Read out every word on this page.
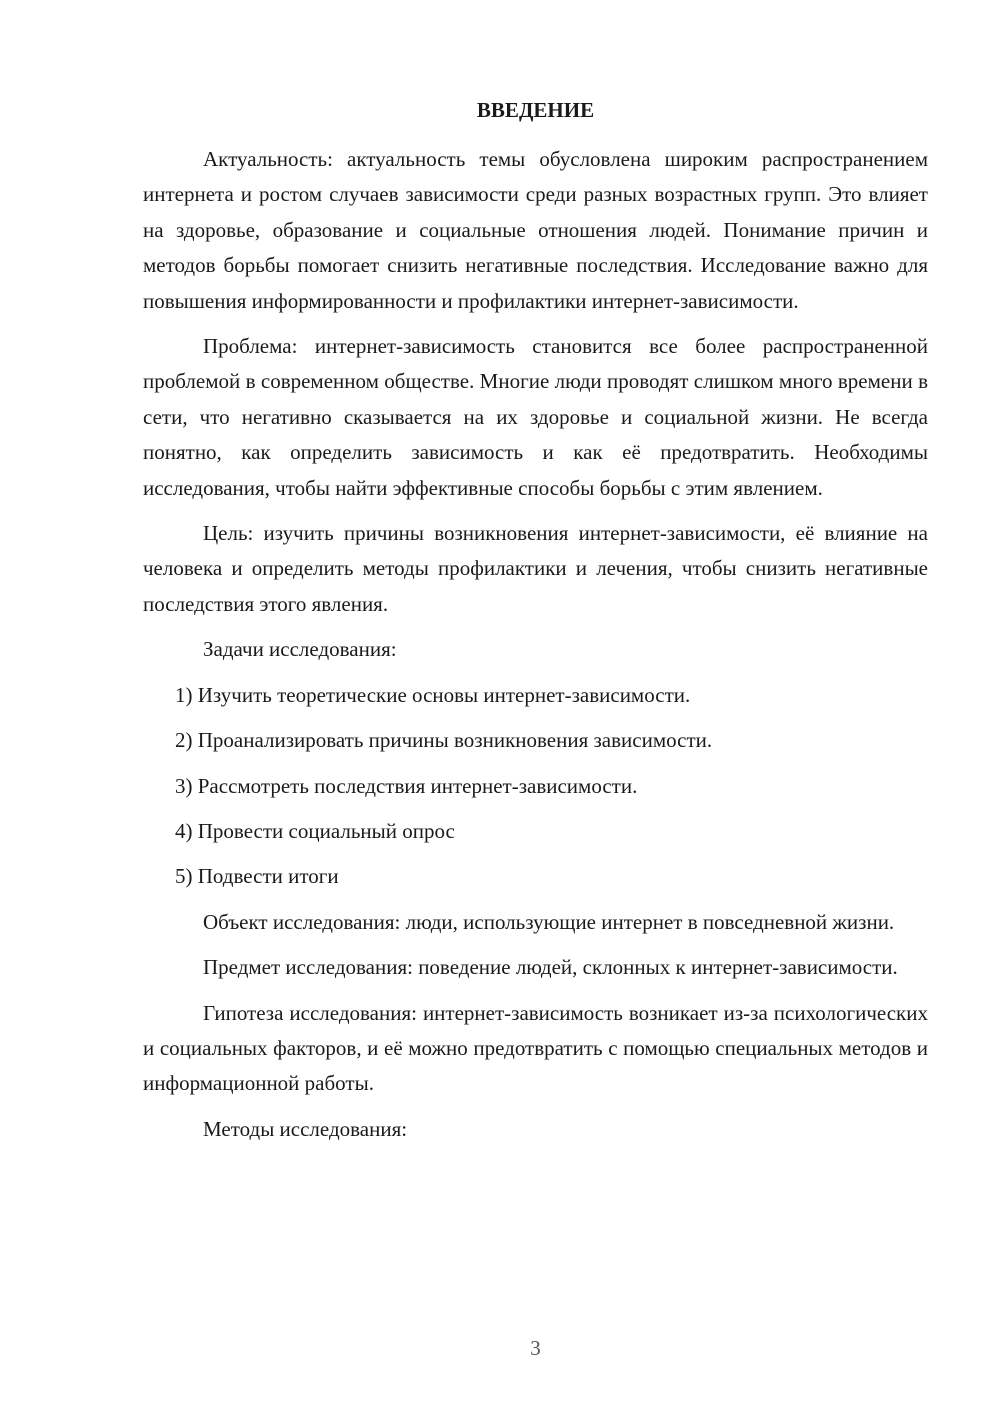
ВВЕДЕНИЕ

Актуальность: актуальность темы обусловлена широким распространением интернета и ростом случаев зависимости среди разных возрастных групп. Это влияет на здоровье, образование и социальные отношения людей. Понимание причин и методов борьбы помогает снизить негативные последствия. Исследование важно для повышения информированности и профилактики интернет-зависимости.

Проблема: интернет-зависимость становится все более распространенной проблемой в современном обществе. Многие люди проводят слишком много времени в сети, что негативно сказывается на их здоровье и социальной жизни. Не всегда понятно, как определить зависимость и как её предотвратить. Необходимы исследования, чтобы найти эффективные способы борьбы с этим явлением.

Цель: изучить причины возникновения интернет-зависимости, её влияние на человека и определить методы профилактики и лечения, чтобы снизить негативные последствия этого явления.

Задачи исследования:

1) Изучить теоретические основы интернет-зависимости.

2) Проанализировать причины возникновения зависимости.

3) Рассмотреть последствия интернет-зависимости.

4) Провести социальный опрос

5) Подвести итоги

Объект исследования: люди, использующие интернет в повседневной жизни.

Предмет исследования: поведение людей, склонных к интернет-зависимости.

Гипотеза исследования: интернет-зависимость возникает из-за психологических и социальных факторов, и её можно предотвратить с помощью специальных методов и информационной работы.

Методы исследования:

3
